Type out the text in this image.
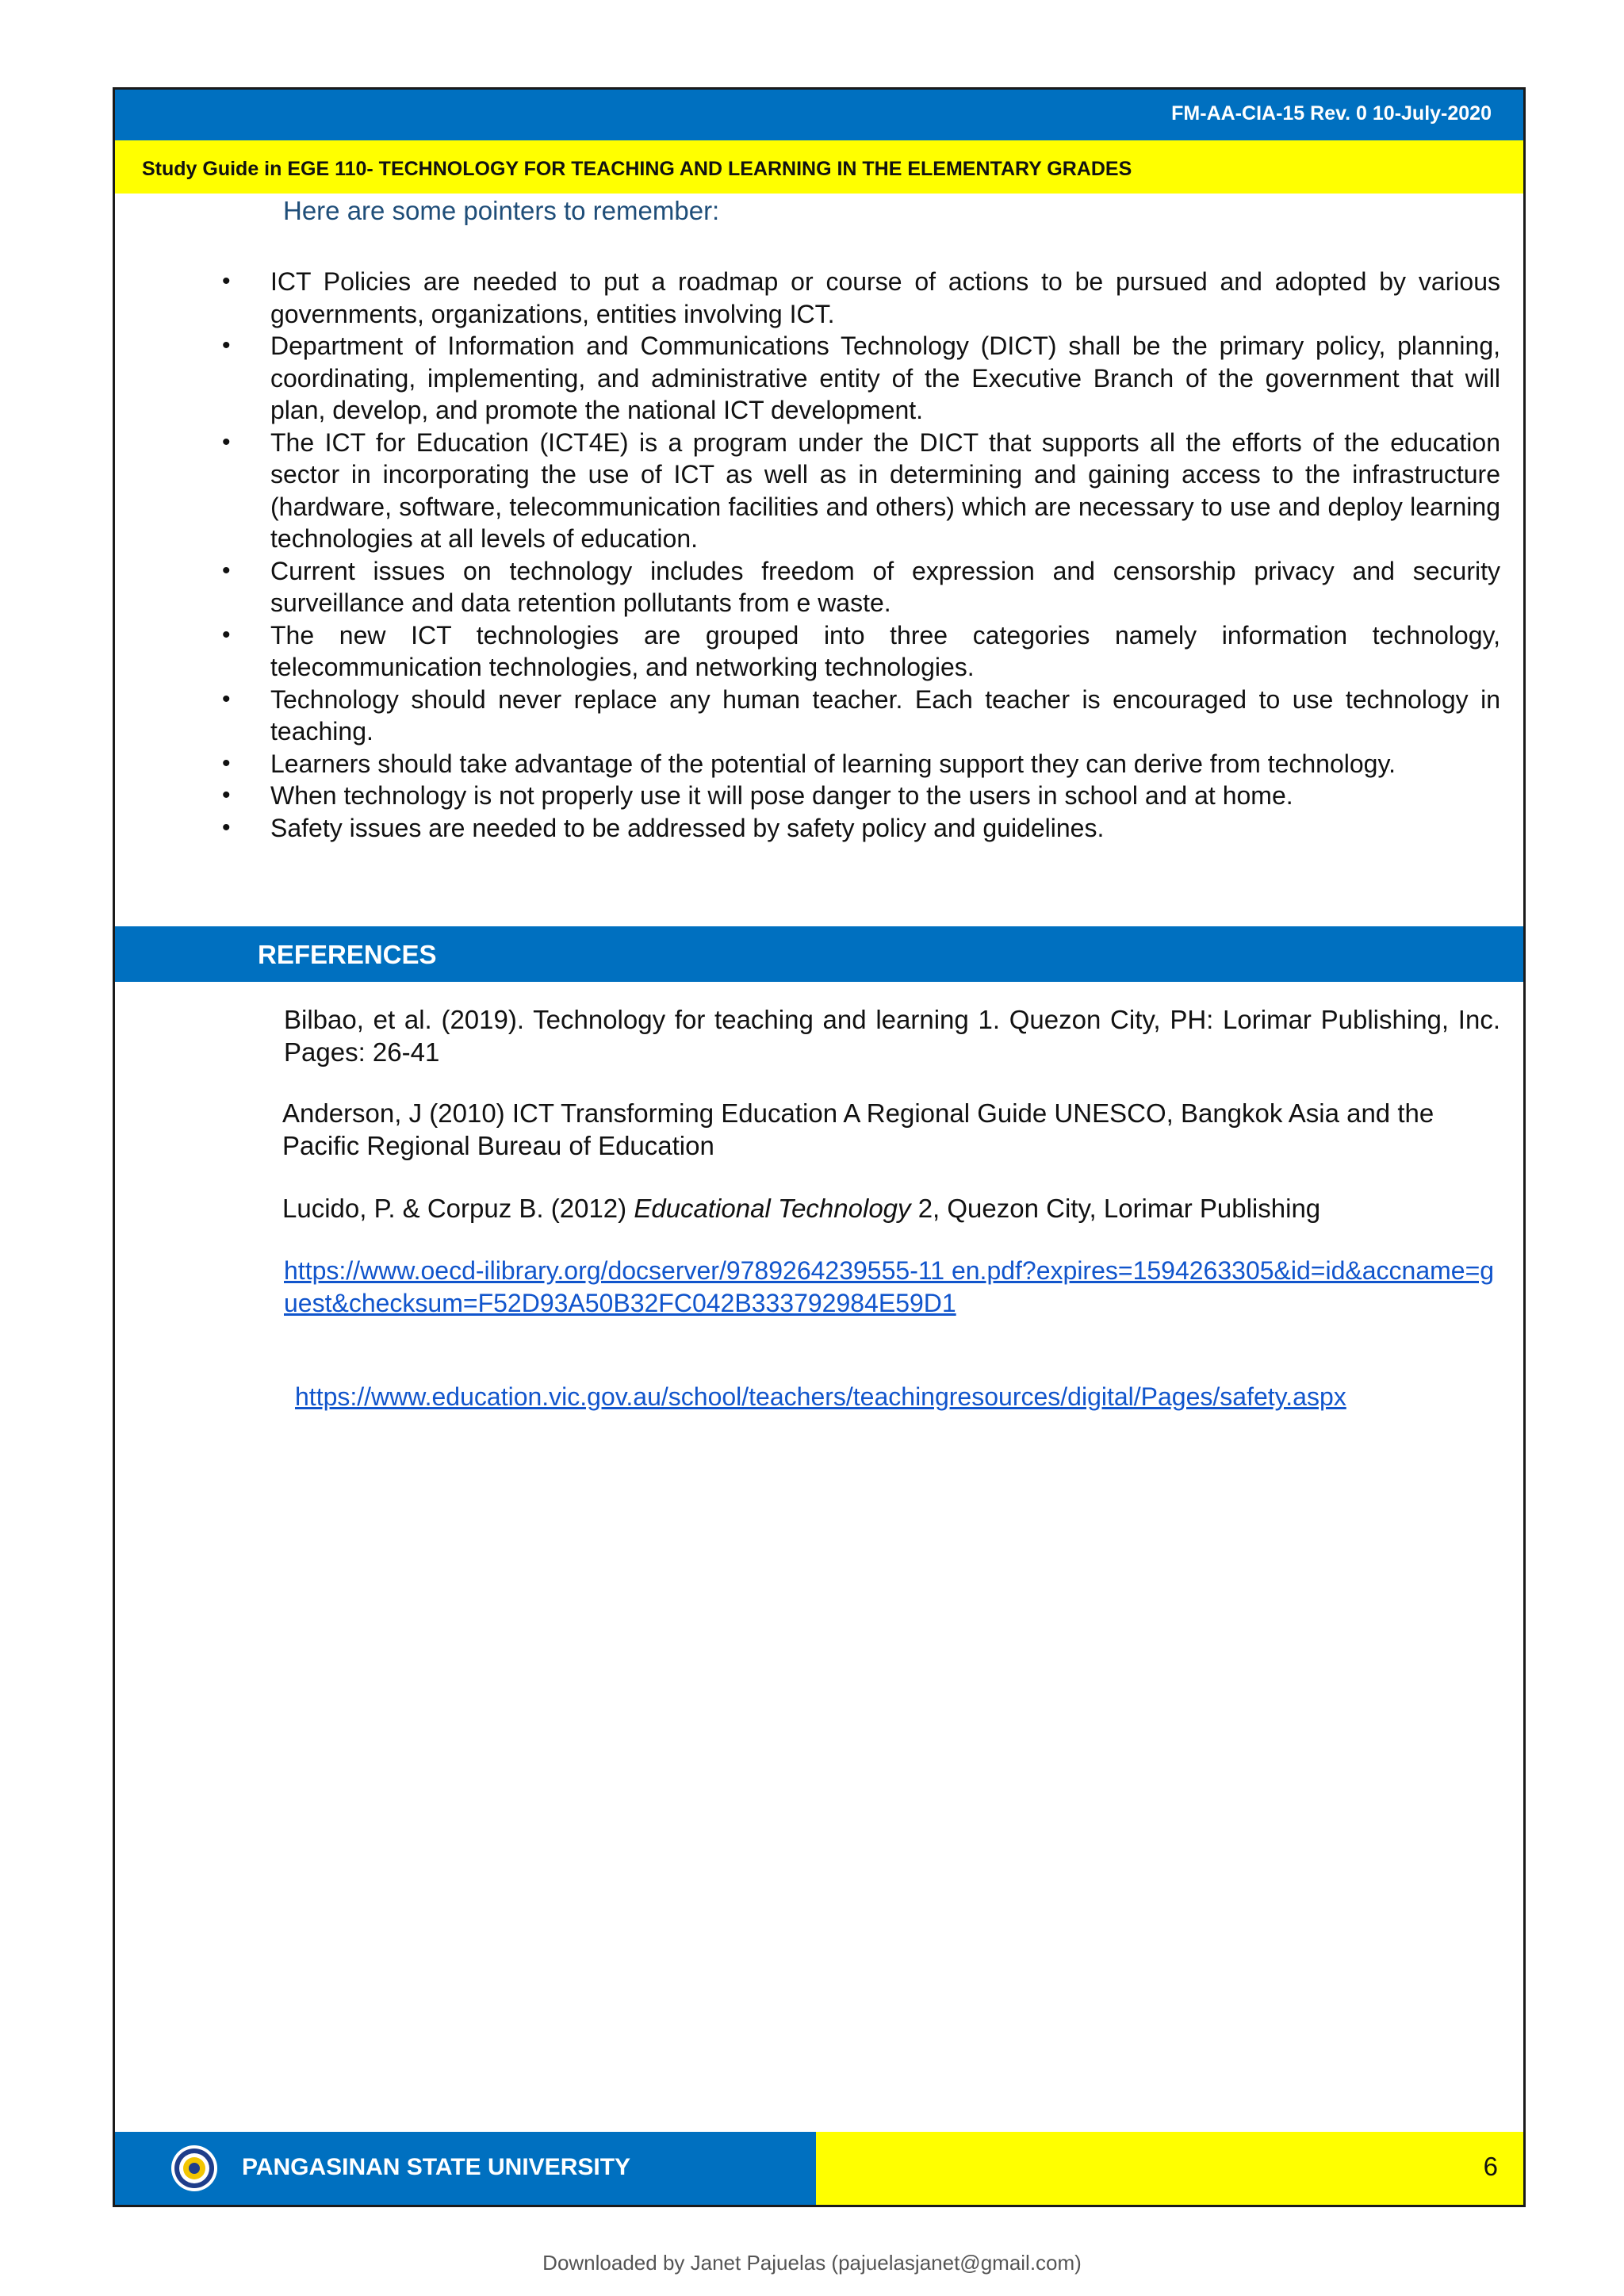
FM-AA-CIA-15 Rev. 0 10-July-2020
Study Guide in EGE 110- TECHNOLOGY FOR TEACHING AND LEARNING IN THE ELEMENTARY GRADES
Here are some pointers to remember:
• ICT Policies are needed to put a roadmap or course of actions to be pursued and adopted by various governments, organizations, entities involving ICT.
• Department of Information and Communications Technology (DICT) shall be the primary policy, planning, coordinating, implementing, and administrative entity of the Executive Branch of the government that will plan, develop, and promote the national ICT development.
• The ICT for Education (ICT4E) is a program under the DICT that supports all the efforts of the education sector in incorporating the use of ICT as well as in determining and gaining access to the infrastructure (hardware, software, telecommunication facilities and others) which are necessary to use and deploy learning technologies at all levels of education.
• Current issues on technology includes freedom of expression and censorship privacy and security surveillance and data retention pollutants from e waste.
• The new ICT technologies are grouped into three categories namely information technology, telecommunication technologies, and networking technologies.
• Technology should never replace any human teacher. Each teacher is encouraged to use technology in teaching.
• Learners should take advantage of the potential of learning support they can derive from technology.
• When technology is not properly use it will pose danger to the users in school and at home.
• Safety issues are needed to be addressed by safety policy and guidelines.
REFERENCES
Bilbao, et al. (2019). Technology for teaching and learning 1. Quezon City, PH: Lorimar Publishing, Inc. Pages: 26-41
Anderson, J (2010) ICT Transforming Education A Regional Guide UNESCO, Bangkok Asia and the Pacific Regional Bureau of Education
Lucido, P. & Corpuz B. (2012) Educational Technology 2, Quezon City, Lorimar Publishing
https://www.oecd-ilibrary.org/docserver/9789264239555-11 en.pdf?expires=1594263305&id=id&accname=guest&checksum=F52D93A50B32FC042B333792984E59D1
https://www.education.vic.gov.au/school/teachers/teachingresources/digital/Pages/safety.aspx
PANGASINAN STATE UNIVERSITY	6
Downloaded by Janet Pajuelas (pajuelasjanet@gmail.com)
